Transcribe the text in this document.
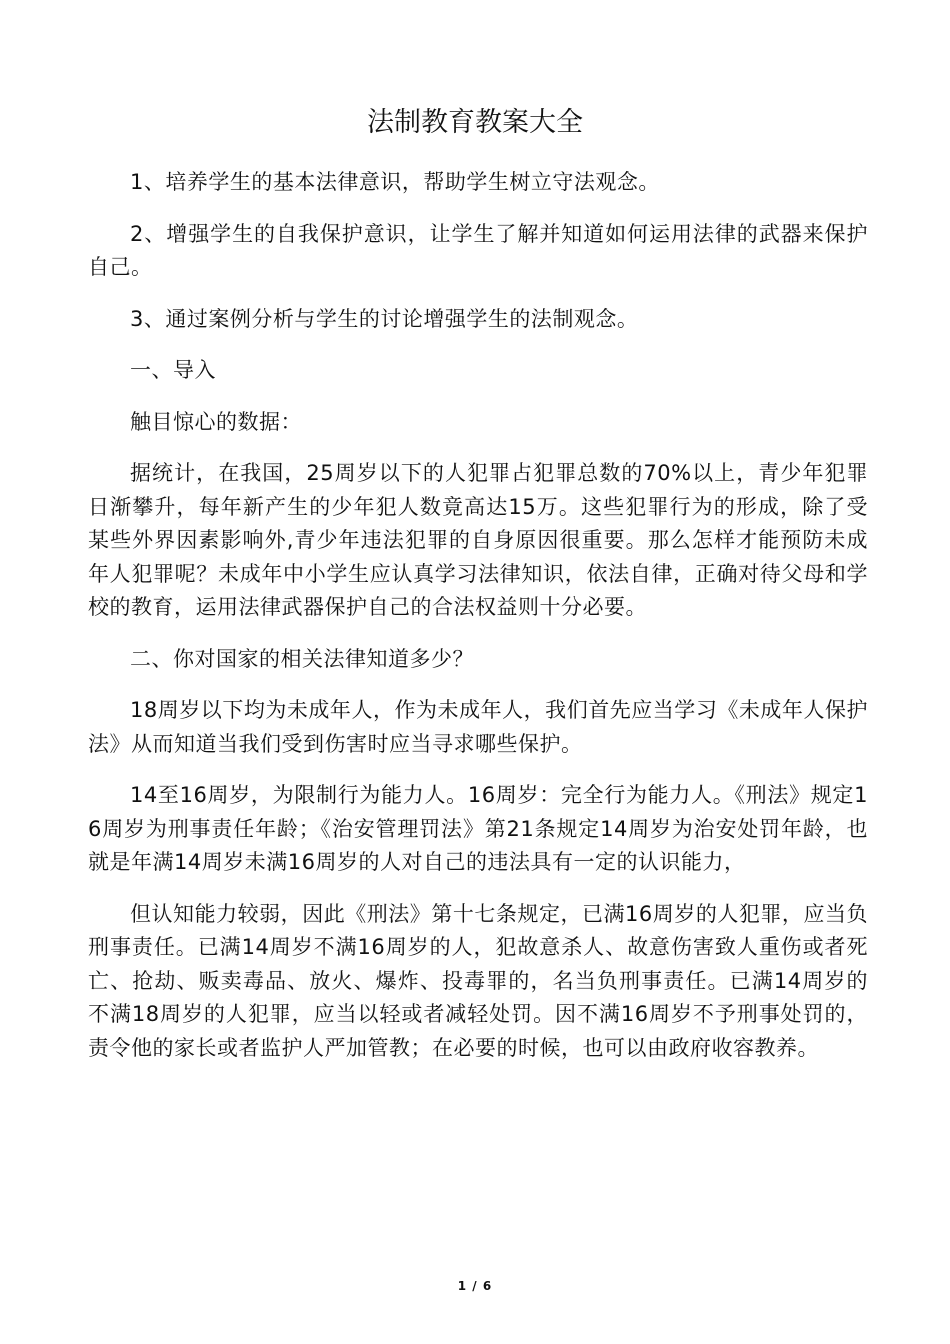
法制教育教案大全

1、培养学生的基本法律意识，帮助学生树立守法观念。

2、增强学生的自我保护意识，让学生了解并知道如何运用法律的武器来保护自己。

3、通过案例分析与学生的讨论增强学生的法制观念。

一、导入

触目惊心的数据：

据统计，在我国，25周岁以下的人犯罪占犯罪总数的70%以上，青少年犯罪日渐攀升，每年新产生的少年犯人数竟高达15万。这些犯罪行为的形成，除了受某些外界因素影响外,青少年违法犯罪的自身原因很重要。那么怎样才能预防未成年人犯罪呢？未成年中小学生应认真学习法律知识，依法自律，正确对待父母和学校的教育，运用法律武器保护自己的合法权益则十分必要。

二、你对国家的相关法律知道多少？

18周岁以下均为未成年人，作为未成年人，我们首先应当学习《未成年人保护法》从而知道当我们受到伤害时应当寻求哪些保护。

14至16周岁，为限制行为能力人。16周岁：完全行为能力人。《刑法》规定16周岁为刑事责任年龄；《治安管理罚法》第21条规定14周岁为治安处罚年龄，也就是年满14周岁未满16周岁的人对自己的违法具有一定的认识能力，

但认知能力较弱，因此《刑法》第十七条规定，已满16周岁的人犯罪，应当负刑事责任。已满14周岁不满16周岁的人，犯故意杀人、故意伤害致人重伤或者死亡、抢劫、贩卖毒品、放火、爆炸、投毒罪的，名当负刑事责任。已满14周岁的不满18周岁的人犯罪，应当以轻或者减轻处罚。因不满16周岁不予刑事处罚的，责令他的家长或者监护人严加管教；在必要的时候，也可以由政府收容教养。

1 / 6
